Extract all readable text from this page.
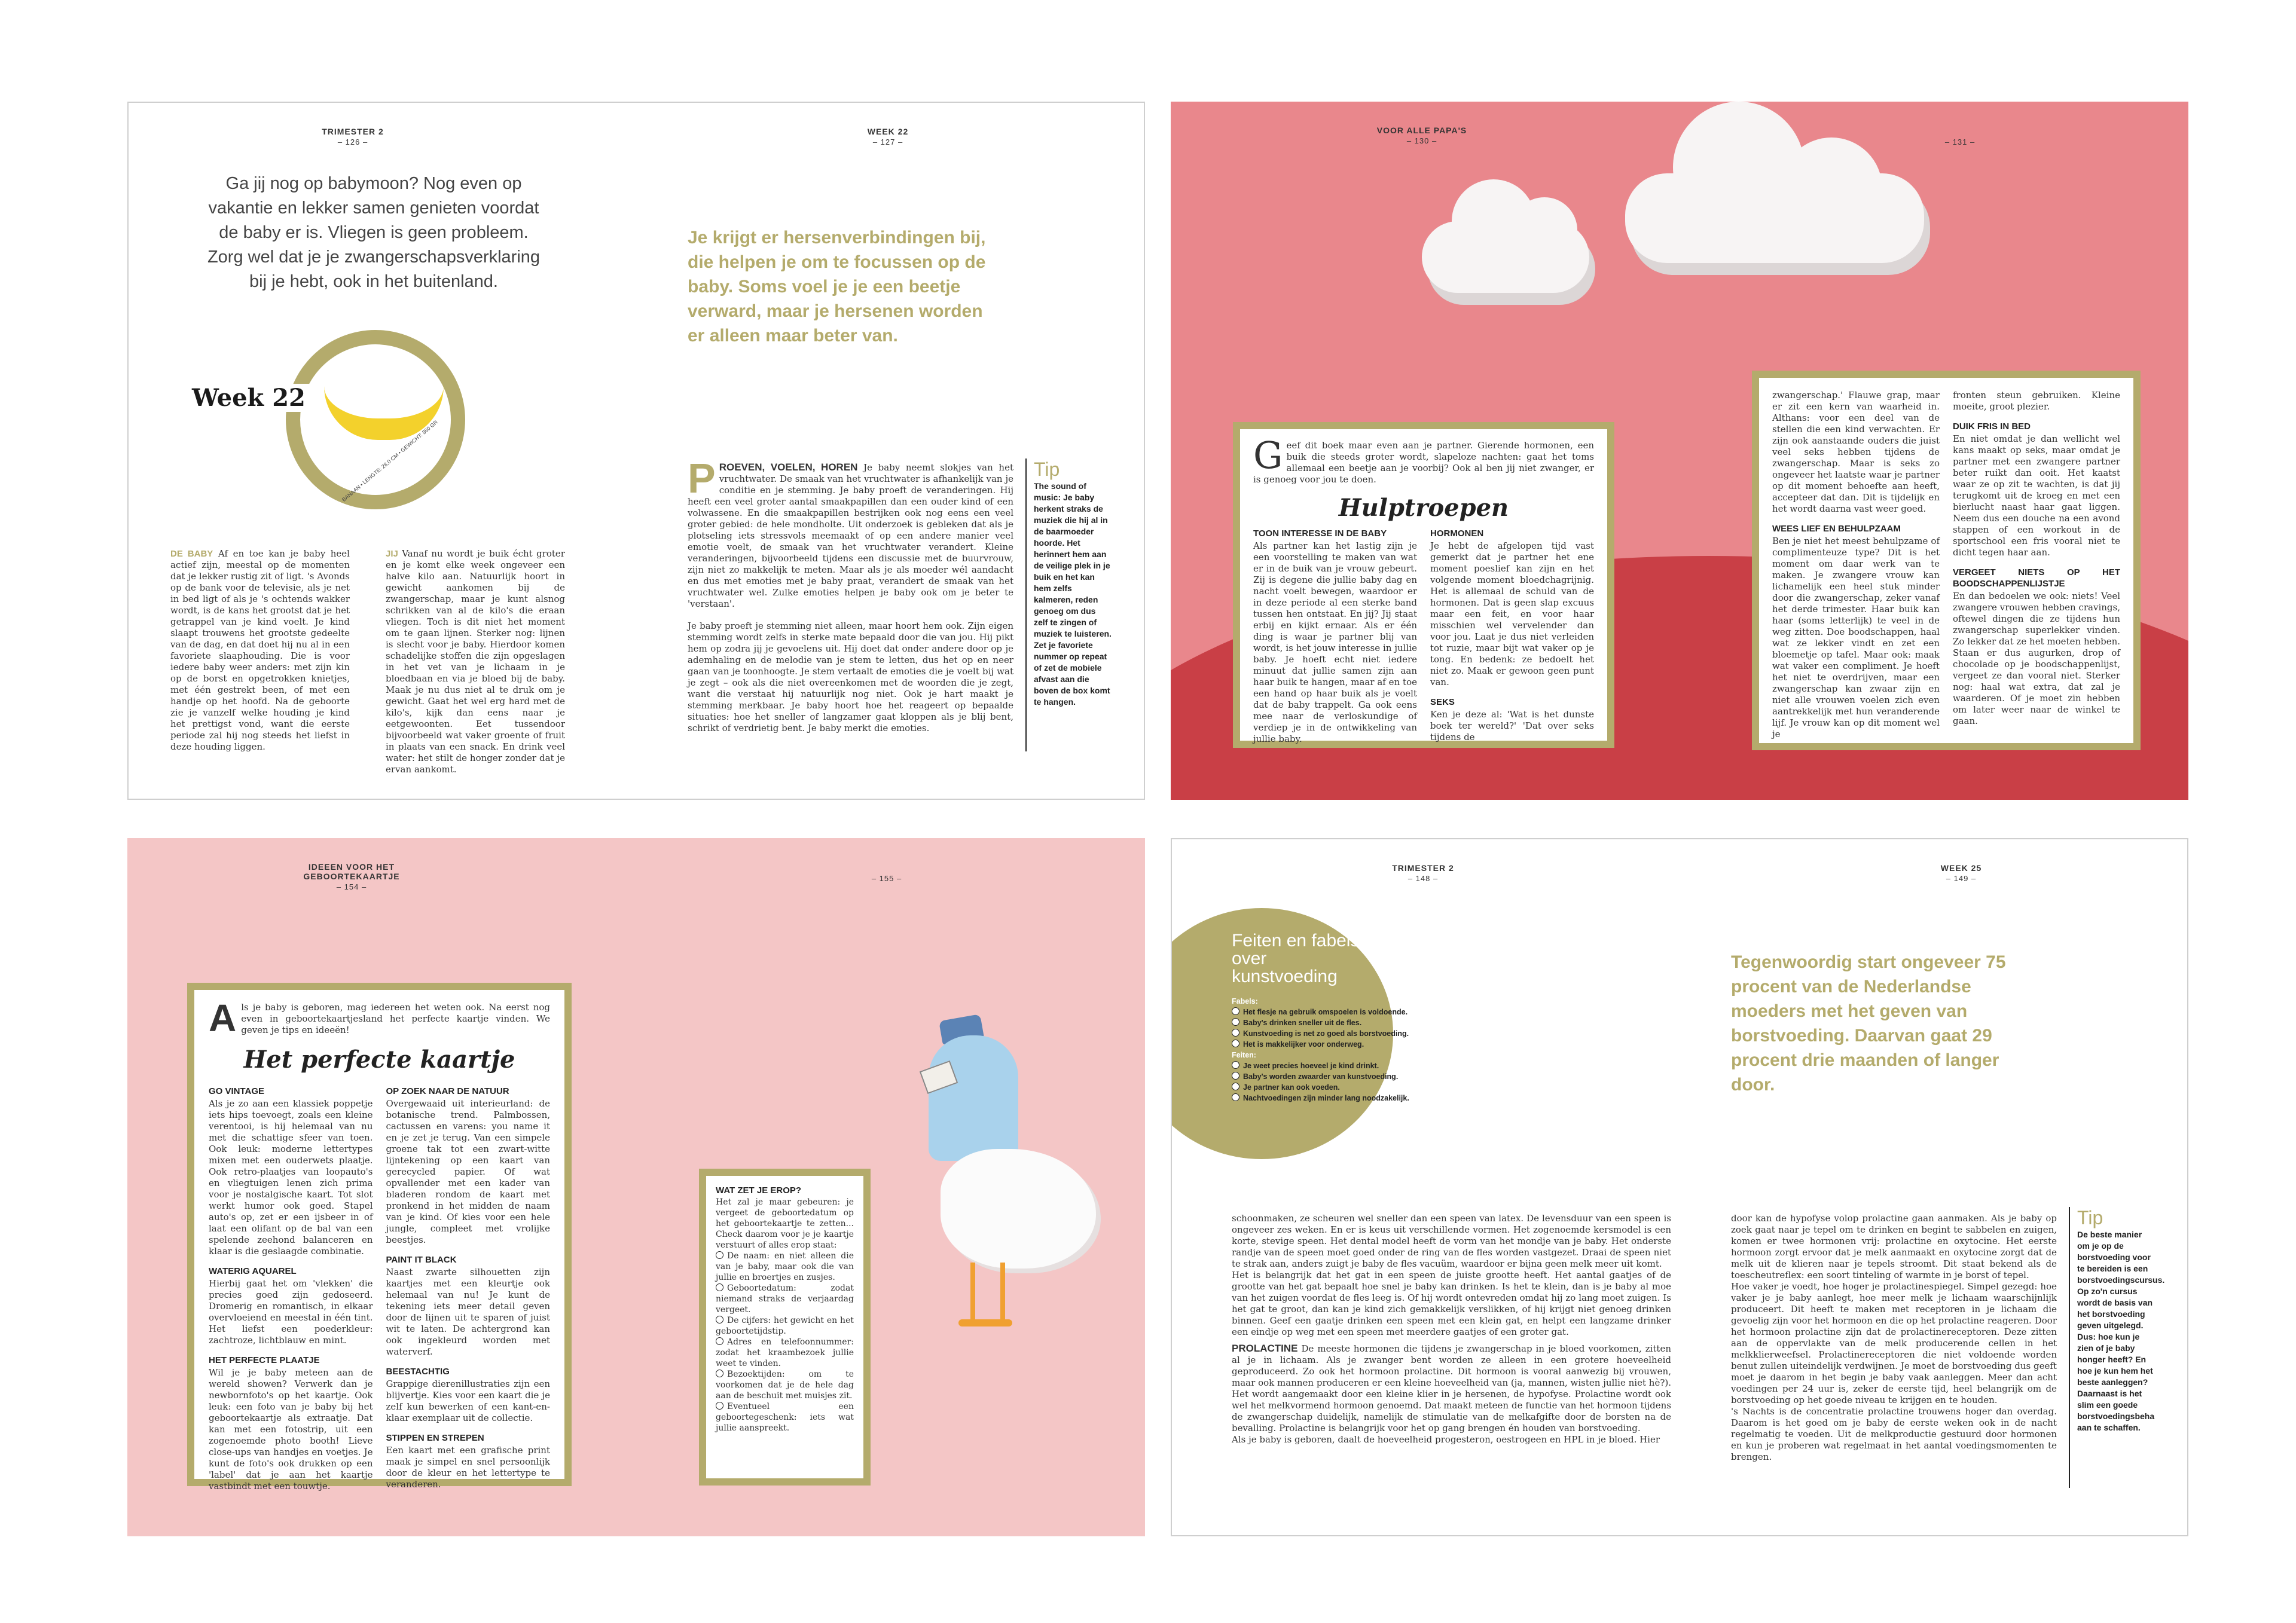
TRIMESTER 2
– 126 –
WEEK 22
– 127 –
Ga jij nog op babymoon? Nog even op vakantie en lekker samen genieten voordat de baby er is. Vliegen is geen probleem. Zorg wel dat je je zwangerschapsverklaring bij je hebt, ook in het buitenland.
BANAAN • LENGTE: 28,0 CM • GEWICHT: 360 GR
Week 22
DE BABY Af en toe kan je baby heel actief zijn, meestal op de momenten dat je lekker rustig zit of ligt. 's Avonds op de bank voor de televisie, als je net in bed ligt of als je 's ochtends wakker wordt, is de kans het grootst dat je het getrappel van je kind voelt. Je kind slaapt trouwens het grootste gedeelte van de dag, en dat doet hij nu al in een favoriete slaaphouding. Die is voor iedere baby weer anders: met zijn kin op de borst en opgetrokken knietjes, met één gestrekt been, of met een handje op het hoofd. Na de geboorte zie je vanzelf welke houding je kind het prettigst vond, want die eerste periode zal hij nog steeds het liefst in deze houding liggen.
JIJ Vanaf nu wordt je buik écht groter en je komt elke week ongeveer een halve kilo aan. Natuurlijk hoort in gewicht aankomen bij de zwangerschap, maar je kunt alsnog schrikken van al de kilo's die eraan vliegen. Toch is dit niet het moment om te gaan lijnen. Sterker nog: lijnen is slecht voor je baby. Hierdoor komen schadelijke stoffen die zijn opgeslagen in het vet van je lichaam in je bloedbaan en via je bloed bij de baby. Maak je nu dus niet al te druk om je gewicht. Gaat het wel erg hard met de kilo's, kijk dan eens naar je eetgewoonten. Eet tussendoor bijvoorbeeld wat vaker groente of fruit in plaats van een snack. En drink veel water: het stilt de honger zonder dat je ervan aankomt.
Je krijgt er hersenverbindingen bij, die helpen je om te focussen op de baby. Soms voel je je een beetje verward, maar je hersenen worden er alleen maar beter van.
P ROEVEN, VOELEN, HOREN Je baby neemt slokjes van het vruchtwater. De smaak van het vruchtwater is afhankelijk van je conditie en je stemming. Je baby proeft de veranderingen. Hij heeft een veel groter aantal smaakpapillen dan een ouder kind of een volwassene. En die smaakpapillen bestrijken ook nog eens een veel groter gebied: de hele mondholte. Uit onderzoek is gebleken dat als je plotseling iets stressvols meemaakt of op een andere manier veel emotie voelt, de smaak van het vruchtwater verandert. Kleine veranderingen, bijvoorbeeld tijdens een discussie met de buurvrouw, zijn niet zo makkelijk te meten. Maar als je als moeder wél aandacht en dus met emoties met je baby praat, verandert de smaak van het vruchtwater wel. Zulke emoties helpen je baby ook om je beter te 'verstaan'.

Je baby proeft je stemming niet alleen, maar hoort hem ook. Zijn eigen stemming wordt zelfs in sterke mate bepaald door die van jou. Hij pikt hem op zodra jij je gevoelens uit. Hij doet dat onder andere door op je ademhaling en de melodie van je stem te letten, dus het op en neer gaan van je toonhoogte. Je stem vertaalt de emoties die je voelt bij wat je zegt – ook als die niet overeenkomen met de woorden die je zegt, want die verstaat hij natuurlijk nog niet. Ook je hart maakt je stemming merkbaar. Je baby hoort hoe het reageert op bepaalde situaties: hoe het sneller of langzamer gaat kloppen als je blij bent, schrikt of verdrietig bent. Je baby merkt die emoties.

Tip
The sound of music: Je baby herkent straks de muziek die hij al in de baarmoeder hoorde. Het herinnert hem aan de veilige plek in je buik en het kan hem zelfs kalmeren, reden genoeg om dus zelf te zingen of muziek te luisteren. Zet je favoriete nummer op repeat of zet de mobiele afvast aan die boven de box komt te hangen.
VOOR ALLE PAPA'S
– 130 –	– 131 –
G eef dit boek maar even aan je partner. Gierende hormonen, een buik die steeds groter wordt, slapeloze nachten: gaat het toms allemaal een beetje aan je voorbij? Ook al ben jij niet zwanger, er is genoeg voor jou te doen.
Hulptroepen
TOON INTERESSE IN DE BABY
Als partner kan het lastig zijn je een voorstelling te maken van wat er in de buik van je vrouw gebeurt. Zij is degene die jullie baby dag en nacht voelt bewegen, waardoor er in deze periode al een sterke band tussen hen ontstaat. En jij? Jij staat erbij en kijkt ernaar. Als er één ding is waar je partner blij van wordt, is het jouw interesse in jullie baby. Je hoeft echt niet iedere minuut dat jullie samen zijn aan haar buik te hangen, maar af en toe een hand op haar buik als je voelt dat de baby trappelt. Ga ook eens mee naar de verloskundige of verdiep je in de ontwikkeling van jullie baby.
HORMONEN
Je hebt de afgelopen tijd vast gemerkt dat je partner het ene moment poeslief kan zijn en het volgende moment bloedchagrijnig. Het is allemaal de schuld van de hormonen. Dat is geen slap excuus maar een feit, en voor haar misschien wel vervelender dan voor jou. Laat je dus niet verleiden tot ruzie, maar bijt wat vaker op je tong. En bedenk: ze bedoelt het niet zo. Maak er gewoon geen punt van.
SEKS
Ken je deze al: 'Wat is het dunste boek ter wereld?' 'Dat over seks tijdens de
zwangerschap.' Flauwe grap, maar er zit een kern van waarheid in. Althans: voor een deel van de stellen die een kind verwachten. Er zijn ook aanstaande ouders die juist veel seks hebben tijdens de zwangerschap. Maar is seks zo ongeveer het laatste waar je partner op dit moment behoefte aan heeft, accepteer dat dan. Dit is tijdelijk en het wordt daarna vast weer goed.
WEES LIEF EN BEHULPZAAM
Ben je niet het meest behulpzame of complimenteuze type? Dit is het moment om daar werk van te maken. Je zwangere vrouw kan lichamelijk een heel stuk minder door die zwangerschap, zeker vanaf het derde trimester. Haar buik kan haar (soms letterlijk) te veel in de weg zitten. Doe boodschappen, haal wat ze lekker vindt en zet een bloemetje op tafel. Maar ook: maak wat vaker een compliment. Je hoeft het niet te overdrijven, maar een zwangerschap kan zwaar zijn en niet alle vrouwen voelen zich even aantrekkelijk met hun veranderende lijf. Je vrouw kan op dit moment wel je
fronten steun gebruiken. Kleine moeite, groot plezier.
DUIK FRIS IN BED
En niet omdat je dan wellicht wel kans maakt op seks, maar omdat je partner met een zwangere partner beter ruikt dan ooit. Het kaatst waar ze op zit te wachten, is dat jij terugkomt uit de kroeg en met een bierlucht naast haar gaat liggen. Neem dus een douche na een avond stappen of een workout in de sportschool een fris vooral niet te dicht tegen haar aan.
VERGEET NIETS OP HET BOODSCHAPPENLIJSTJE
En dan bedoelen we ook: niets! Veel zwangere vrouwen hebben cravings, oftewel dingen die ze tijdens hun zwangerschap superlekker vinden. Zo lekker dat ze het moeten hebben. Staan er dus augurken, drop of chocolade op je boodschappenlijst, vergeet ze dan vooral niet. Sterker nog: haal wat extra, dat zal je waarderen. Of je moet zin hebben om later weer naar de winkel te gaan.
IDEEEN VOOR HET GEBOORTEKAARTJE
– 154 –
– 155 –
A ls je baby is geboren, mag iedereen het weten ook. Na eerst nog even in geboortekaartjesland het perfecte kaartje vinden. We geven je tips en ideeën!
Het perfecte kaartje
GO VINTAGE
Als je zo aan een klassiek poppetje iets hips toevoegt, zoals een kleine verentooi, is hij helemaal van nu met die schattige sfeer van toen. Ook leuk: moderne lettertypes mixen met een ouderwets plaatje. Ook retro-plaatjes van loopauto's en vliegtuigen lenen zich prima voor je nostalgische kaart. Tot slot werkt humor ook goed. Stapel auto's op, zet er een ijsbeer in of laat een olifant op de bal van een spelende zeehond balanceren en klaar is die geslaagde combinatie.
WATERIG AQUAREL
Hierbij gaat het om 'vlekken' die precies goed zijn gedoseerd. Dromerig en romantisch, in elkaar overvloeiend en meestal in één tint. Het liefst een poederkleur: zachtroze, lichtblauw en mint.
HET PERFECTE PLAATJE
Wil je je baby meteen aan de wereld showen? Verwerk dan je newbornfoto's op het kaartje. Ook leuk: een foto van je baby bij het geboortekaartje als extraatje. Dat kan met een fotostrip, uit een zogenoemde photo booth! Lieve close-ups van handjes en voetjes. Je kunt de foto's ook drukken op een 'label' dat je aan het kaartje vastbindt met een touwtje.
OP ZOEK NAAR DE NATUUR
Overgewaaid uit interieurland: de botanische trend. Palmbossen, cactussen en varens: you name it en je zet je terug. Van een simpele groene tak tot een zwart-witte lijntekening op een kaart van gerecycled papier. Of wat opvallender met een kader van bladeren rondom de kaart met pronkend in het midden de naam van je kind. Of kies voor een hele jungle, compleet met vrolijke beestjes.
PAINT IT BLACK
Naast zwarte silhouetten zijn kaartjes met een kleurtje ook helemaal van nu! Je kunt de tekening iets meer detail geven door de lijnen uit te sparen of juist wit te laten. De achtergrond kan ook ingekleurd worden met waterverf.
BEESTACHTIG
Grappige dierenillustraties zijn een blijvertje. Kies voor een kaart die je zelf kun bewerken of een kant-en-klaar exemplaar uit de collectie.
STIPPEN EN STREPEN
Een kaart met een grafische print maak je simpel en snel persoonlijk door de kleur en het lettertype te veranderen.
WAT ZET JE EROP?
Het zal je maar gebeuren: je vergeet de geboortedatum op het geboortekaartje te zetten... Check daarom voor je je kaartje verstuurt of alles erop staat:
De naam: en niet alleen die van je baby, maar ook die van jullie en broertjes en zusjes.
Geboortedatum: zodat niemand straks de verjaardag vergeet.
De cijfers: het gewicht en het geboortetijdstip.
Adres en telefoonnummer: zodat het kraambezoek jullie weet te vinden.
Bezoektijden: om te voorkomen dat je de hele dag aan de beschuit met muisjes zit.
Eventueel een geboortegeschenk: iets wat jullie aanspreekt.
TRIMESTER 2
– 148 –
WEEK 25
– 149 –
Feiten en fabels over kunstvoeding
Fabels:
Het flesje na gebruik omspoelen is voldoende.
Baby's drinken sneller uit de fles.
Kunstvoeding is net zo goed als borstvoeding.
Het is makkelijker voor onderweg.
Feiten:
Je weet precies hoeveel je kind drinkt.
Baby's worden zwaarder van kunstvoeding.
Je partner kan ook voeden.
Nachtvoedingen zijn minder lang noodzakelijk.
Tegenwoordig start ongeveer 75 procent van de Nederlandse moeders met het geven van borstvoeding. Daarvan gaat 29 procent drie maanden of langer door.
schoonmaken, ze scheuren wel sneller dan een speen van latex. De levensduur van een speen is ongeveer zes weken. En er is keus uit verschillende vormen. Het zogenoemde kersmodel is een korte, stevige speen. Het dental model heeft de vorm van het mondje van je baby. Het onderste randje van de speen moet goed onder de ring van de fles worden vastgezet. Draai de speen niet te strak aan, anders zuigt je baby de fles vacuüm, waardoor er bijna geen melk meer uit komt.
Het is belangrijk dat het gat in een speen de juiste grootte heeft. Het aantal gaatjes of de grootte van het gat bepaalt hoe snel je baby kan drinken. Is het te klein, dan is je baby al moe van het zuigen voordat de fles leeg is. Of hij wordt ontevreden omdat hij zo lang moet zuigen. Is het gat te groot, dan kan je kind zich gemakkelijk verslikken, of hij krijgt niet genoeg drinken binnen. Geef een gaatje drinken een speen met een klein gat, en helpt een langzame drinker een eindje op weg met een speen met meerdere gaatjes of een groter gat.
PROLACTINE De meeste hormonen die tijdens je zwangerschap in je bloed voorkomen, zitten al je in lichaam. Als je zwanger bent worden ze alleen in een grotere hoeveelheid geproduceerd. Zo ook het hormoon prolactine. Dit hormoon is vooral aanwezig bij vrouwen, maar ook mannen produceren er een kleine hoeveelheid van (ja, mannen, wisten jullie niet hè?). Het wordt aangemaakt door een kleine klier in je hersenen, de hypofyse. Prolactine wordt ook wel het melkvormend hormoon genoemd. Dat maakt meteen de functie van het hormoon tijdens de zwangerschap duidelijk, namelijk de stimulatie van de melkafgifte door de borsten na de bevalling. Prolactine is belangrijk voor het op gang brengen én houden van borstvoeding.
Als je baby is geboren, daalt de hoeveelheid progesteron, oestrogeen en HPL in je bloed. Hier
door kan de hypofyse volop prolactine gaan aanmaken. Als je baby op zoek gaat naar je tepel om te drinken en begint te sabbelen en zuigen, komen er twee hormonen vrij: prolactine en oxytocine. Het eerste hormoon zorgt ervoor dat je melk aanmaakt en oxytocine zorgt dat de melk uit de klieren naar je tepels stroomt. Dit staat bekend als de toescheutreflex: een soort tinteling of warmte in je borst of tepel.
Hoe vaker je voedt, hoe hoger je prolactinespiegel. Simpel gezegd: hoe vaker je je baby aanlegt, hoe meer melk je lichaam waarschijnlijk produceert. Dit heeft te maken met receptoren in je lichaam die gevoelig zijn voor het hormoon en die op het prolactine reageren. Door het hormoon prolactine zijn dat de prolactinereceptoren. Deze zitten aan de oppervlakte van de melk producerende cellen in het melkklierweefsel. Prolactinereceptoren die niet voldoende worden benut zullen uiteindelijk verdwijnen. Je moet de borstvoeding dus geeft moet je daarom in het begin je baby vaak aanleggen. Meer dan acht voedingen per 24 uur is, zeker de eerste tijd, heel belangrijk om de borstvoeding op het goede niveau te krijgen en te houden.
's Nachts is de concentratie prolactine trouwens hoger dan overdag. Daarom is het goed om je baby de eerste weken ook in de nacht regelmatig te voeden. Uit de melkproductie gestuurd door hormonen en kun je proberen wat regelmaat in het aantal voedingsmomenten te brengen.
Tip
De beste manier om je op de borstvoeding voor te bereiden is een borstvoedingscursus. Op zo'n cursus wordt de basis van het borstvoeding geven uitgelegd. Dus: hoe kun je zien of je baby honger heeft? En hoe je kun hem het beste aanleggen? Daarnaast is het slim een goede borstvoedingsbeha aan te schaffen.
